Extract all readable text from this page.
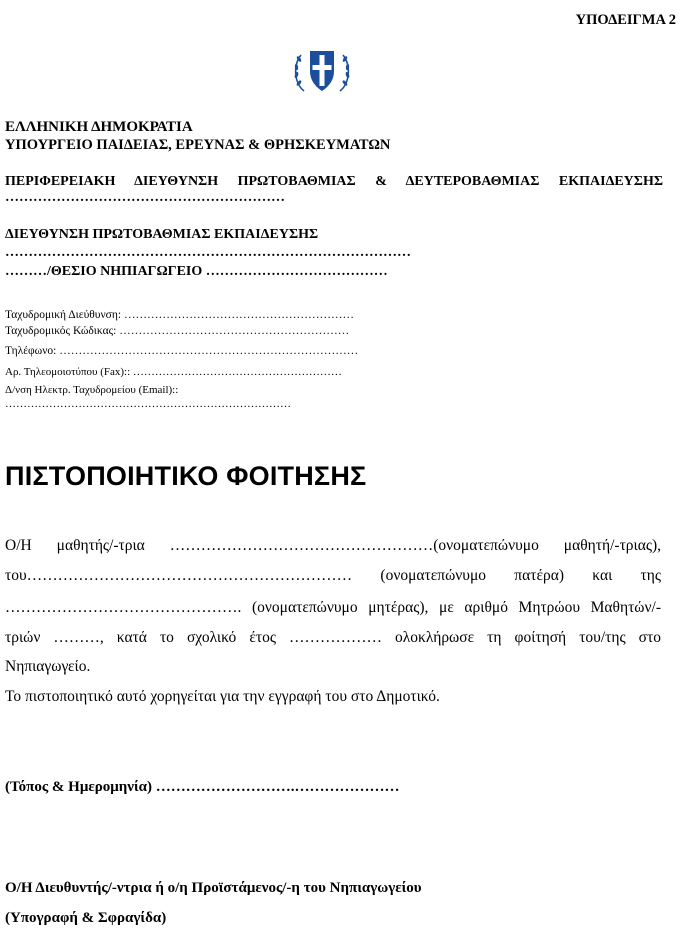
ΥΠΟΔΕΙΓΜΑ 2
ΕΛΛΗΝΙΚΗ ΔΗΜΟΚΡΑΤΙΑ
ΥΠΟΥΡΓΕΙΟ ΠΑΙΔΕΙΑΣ, ΕΡΕΥΝΑΣ & ΘΡΗΣΚΕΥΜΑΤΩΝ
ΠΕΡΙΦΕΡΕΙΑΚΗ ΔΙΕΥΘΥΝΣΗ ΠΡΩΤΟΒΑΘΜΙΑΣ & ΔΕΥΤΕΡΟΒΑΘΜΙΑΣ ΕΚΠΑΙΔΕΥΣΗΣ
……………………………………………………
ΔΙΕΥΘΥΝΣΗ ΠΡΩΤΟΒΑΘΜΙΑΣ ΕΚΠΑΙΔΕΥΣΗΣ ……………………………………………………………………………
………/ΘΕΣΙΟ ΝΗΠΙΑΓΩΓΕΙΟ …………………………………
Ταχυδρομική Διεύθυνση: ……………………………………………………
Ταχυδρομικός Κώδικας: ……………………………………………………
Τηλέφωνο: ……………………………………………………………………
Αρ. Τηλεομοιοτύπου (Fax):: …………………………………………………
Δ/νση Ηλεκτρ. Ταχυδρομείου (Email):: ……………………………………………………………………
ΠΙΣΤΟΠΟΙΗΤΙΚΟ ΦΟΙΤΗΣΗΣ
Ο/Η μαθητής/-τρια ……………………………………………(ονοματεπώνυμο μαθητή/-τριας),
του……………………………………………………… (ονοματεπώνυμο πατέρα) και της
………………………………………. (ονοματεπώνυμο μητέρας), με αριθμό Μητρώου Μαθητών/-
τριών ………, κατά το σχολικό έτος ……………… ολοκλήρωσε τη φοίτησή του/της στο
Νηπιαγωγείο.
Το πιστοποιητικό αυτό χορηγείται για την εγγραφή του στο Δημοτικό.
(Τόπος & Ημερομηνία) ……………………….…………………
Ο/Η Διευθυντής/-ντρια ή ο/η Προϊστάμενος/-η του Νηπιαγωγείου
(Υπογραφή & Σφραγίδα)
